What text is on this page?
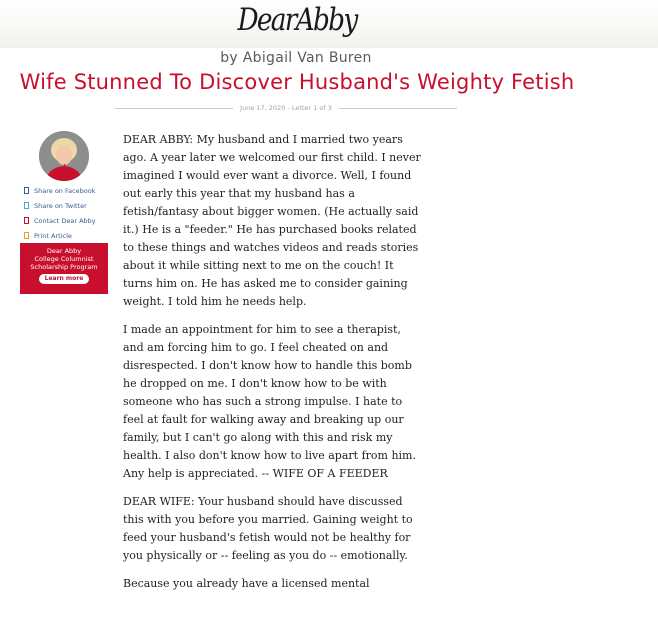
DearAbby
by Abigail Van Buren
Wife Stunned To Discover Husband's Weighty Fetish
June 17, 2020 - Letter 1 of 3
Share on Facebook
Share on Twitter
Contact Dear Abby
Print Article
Dear Abby
College Columnist
Scholarship Program
Learn more

DEAR ABBY: My husband and I married two years ago. A year later we welcomed our first child. I never imagined I would ever want a divorce. Well, I found out early this year that my husband has a fetish/fantasy about bigger women. (He actually said it.) He is a "feeder." He has purchased books related to these things and watches videos and reads stories about it while sitting next to me on the couch! It turns him on. He has asked me to consider gaining weight. I told him he needs help.

I made an appointment for him to see a therapist, and am forcing him to go. I feel cheated on and disrespected. I don't know how to handle this bomb he dropped on me. I don't know how to be with someone who has such a strong impulse. I hate to feel at fault for walking away and breaking up our family, but I can't go along with this and risk my health. I also don't know how to live apart from him. Any help is appreciated. -- WIFE OF A FEEDER

DEAR WIFE: Your husband should have discussed this with you before you married. Gaining weight to feed your husband's fetish would not be healthy for you physically or -- feeling as you do -- emotionally.

Because you already have a licensed mental
